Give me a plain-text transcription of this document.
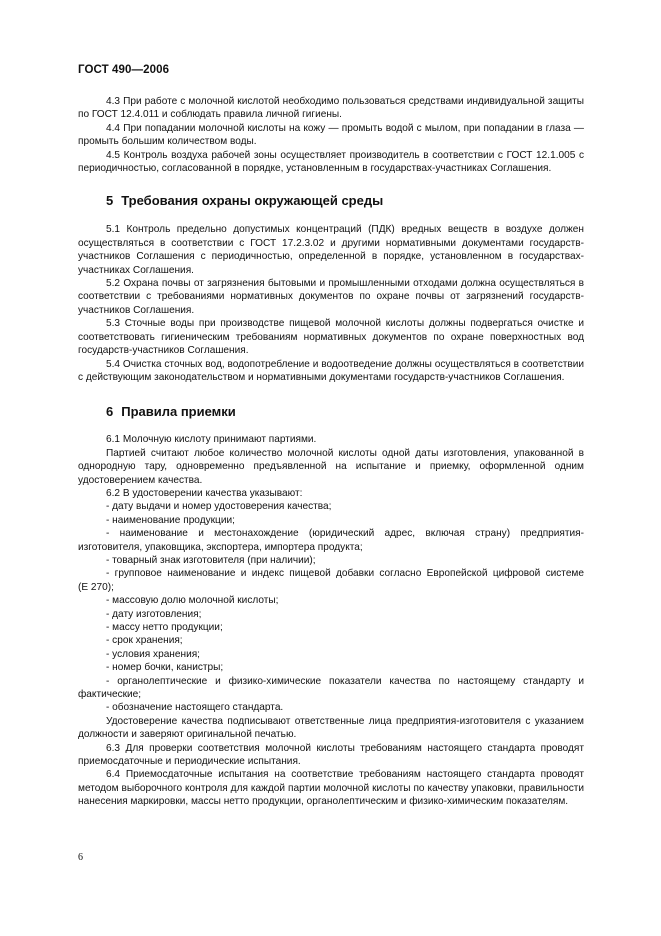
ГОСТ 490—2006

4.3 При работе с молочной кислотой необходимо пользоваться средствами индивидуальной защиты по ГОСТ 12.4.011 и соблюдать правила личной гигиены.

4.4 При попадании молочной кислоты на кожу — промыть водой с мылом, при попадании в глаза — промыть большим количеством воды.

4.5 Контроль воздуха рабочей зоны осуществляет производитель в соответствии с ГОСТ 12.1.005 с периодичностью, согласованной в порядке, установленным в государствах-участниках Соглашения.

5 Требования охраны окружающей среды

5.1 Контроль предельно допустимых концентраций (ПДК) вредных веществ в воздухе должен осуществляться в соответствии с ГОСТ 17.2.3.02 и другими нормативными документами государств-участников Соглашения с периодичностью, определенной в порядке, установленном в государствах-участниках Соглашения.

5.2 Охрана почвы от загрязнения бытовыми и промышленными отходами должна осуществляться в соответствии с требованиями нормативных документов по охране почвы от загрязнений государств-участников Соглашения.

5.3 Сточные воды при производстве пищевой молочной кислоты должны подвергаться очистке и соответствовать гигиеническим требованиям нормативных документов по охране поверхностных вод государств-участников Соглашения.

5.4 Очистка сточных вод, водопотребление и водоотведение должны осуществляться в соответствии с действующим законодательством и нормативными документами государств-участников Соглашения.

6 Правила приемки

6.1 Молочную кислоту принимают партиями.

Партией считают любое количество молочной кислоты одной даты изготовления, упакованной в однородную тару, одновременно предъявленной на испытание и приемку, оформленной одним удостоверением качества.

6.2 В удостоверении качества указывают:

- дату выдачи и номер удостоверения качества;

- наименование продукции;

- наименование и местонахождение (юридический адрес, включая страну) предприятия-изготовителя, упаковщика, экспортера, импортера продукта;

- товарный знак изготовителя (при наличии);

- групповое наименование и индекс пищевой добавки согласно Европейской цифровой системе

(Е 270);

- массовую долю молочной кислоты;

- дату изготовления;

- массу нетто продукции;

- срок хранения;

- условия хранения;

- номер бочки, канистры;

- органолептические и физико-химические показатели качества по настоящему стандарту и фактические;

- обозначение настоящего стандарта.

Удостоверение качества подписывают ответственные лица предприятия-изготовителя с указанием должности и заверяют оригинальной печатью.

6.3 Для проверки соответствия молочной кислоты требованиям настоящего стандарта проводят приемосдаточные и периодические испытания.

6.4 Приемосдаточные испытания на соответствие требованиям настоящего стандарта проводят методом выборочного контроля для каждой партии молочной кислоты по качеству упаковки, правильности нанесения маркировки, массы нетто продукции, органолептическим и физико-химическим показателям.

6
